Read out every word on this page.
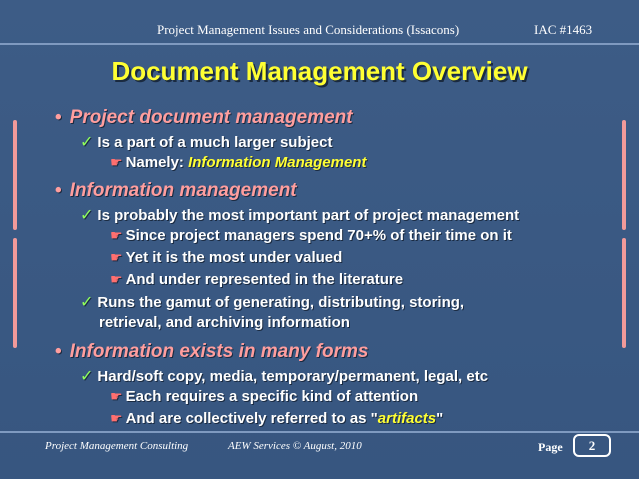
Project Management Issues and Considerations (Issacons)	IAC #1463
Document Management Overview
• Project document management
✓ Is a part of a much larger subject
☛ Namely: Information Management
• Information management
✓ Is probably the most important part of project management
☛ Since project managers spend 70+% of their time on it
☛ Yet it is the most under valued
☛ And under represented in the literature
✓ Runs the gamut of generating, distributing, storing,
retrieval, and archiving information
• Information exists in many forms
✓ Hard/soft copy, media, temporary/permanent, legal, etc
☛ Each requires a specific kind of attention
☛ And are collectively referred to as "artifacts"
Project Management Consulting	AEW Services © August, 2010	Page	2
